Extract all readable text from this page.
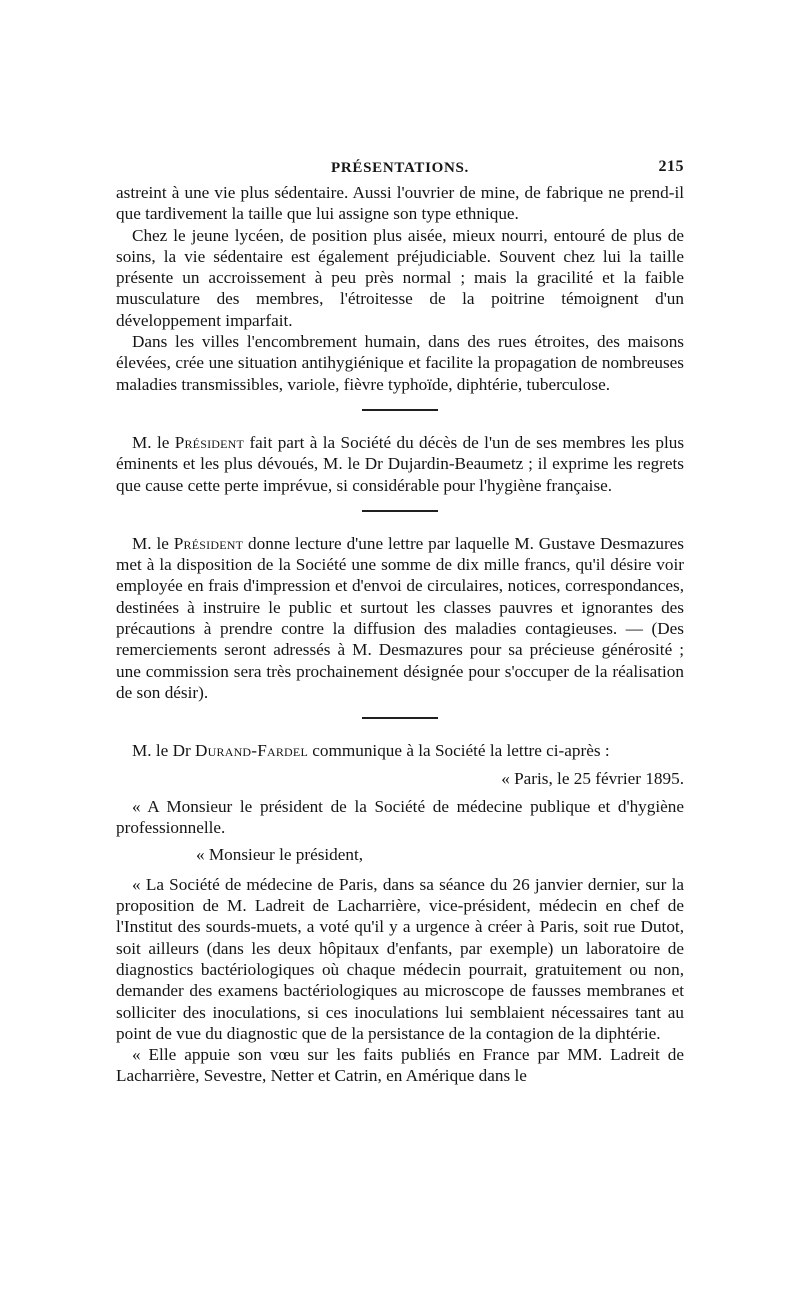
PRÉSENTATIONS.	215

astreint à une vie plus sédentaire. Aussi l'ouvrier de mine, de fabrique ne prend-il que tardivement la taille que lui assigne son type ethnique.

Chez le jeune lycéen, de position plus aisée, mieux nourri, entouré de plus de soins, la vie sédentaire est également préjudiciable. Souvent chez lui la taille présente un accroissement à peu près normal ; mais la gracilité et la faible musculature des membres, l'étroitesse de la poitrine témoignent d'un développement imparfait.

Dans les villes l'encombrement humain, dans des rues étroites, des maisons élevées, crée une situation antihygiénique et facilite la propagation de nombreuses maladies transmissibles, variole, fièvre typhoïde, diphtérie, tuberculose.

M. le Président fait part à la Société du décès de l'un de ses membres les plus éminents et les plus dévoués, M. le Dr Dujardin-Beaumetz ; il exprime les regrets que cause cette perte imprévue, si considérable pour l'hygiène française.

M. le Président donne lecture d'une lettre par laquelle M. Gustave Desmazures met à la disposition de la Société une somme de dix mille francs, qu'il désire voir employée en frais d'impression et d'envoi de circulaires, notices, correspondances, destinées à instruire le public et surtout les classes pauvres et ignorantes des précautions à prendre contre la diffusion des maladies contagieuses. — (Des remerciements seront adressés à M. Desmazures pour sa précieuse générosité ; une commission sera très prochainement désignée pour s'occuper de la réalisation de son désir).

M. le Dr Durand-Fardel communique à la Société la lettre ci-après :

« Paris, le 25 février 1895.

« A Monsieur le président de la Société de médecine publique et d'hygiène professionnelle.

« Monsieur le président,

« La Société de médecine de Paris, dans sa séance du 26 janvier dernier, sur la proposition de M. Ladreit de Lacharrière, vice-président, médecin en chef de l'Institut des sourds-muets, a voté qu'il y a urgence à créer à Paris, soit rue Dutot, soit ailleurs (dans les deux hôpitaux d'enfants, par exemple) un laboratoire de diagnostics bactériologiques où chaque médecin pourrait, gratuitement ou non, demander des examens bactériologiques au microscope de fausses membranes et solliciter des inoculations, si ces inoculations lui semblaient nécessaires tant au point de vue du diagnostic que de la persistance de la contagion de la diphtérie.

« Elle appuie son vœu sur les faits publiés en France par MM. Ladreit de Lacharrière, Sevestre, Netter et Catrin, en Amérique dans le
